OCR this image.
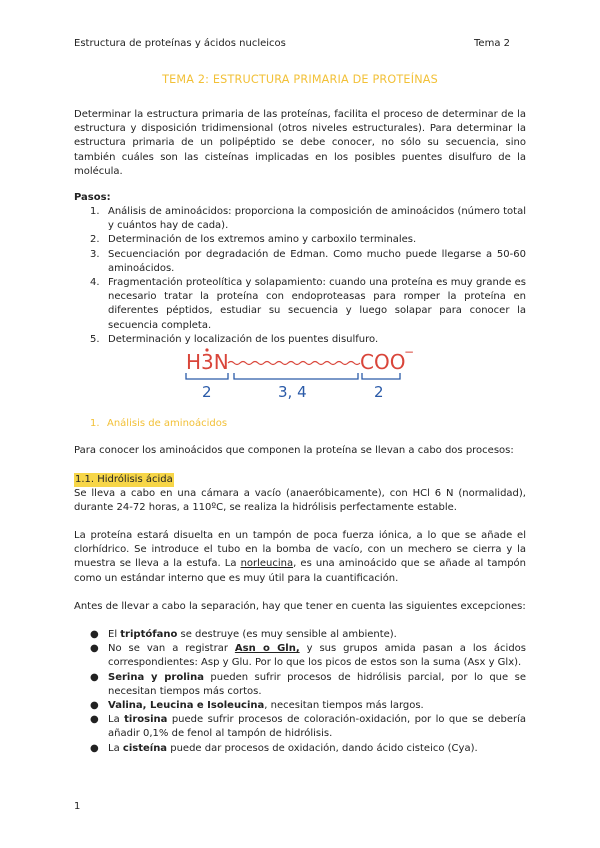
Estructura de proteínas y ácidos nucleicos	Tema 2
TEMA 2: ESTRUCTURA PRIMARIA DE PROTEÍNAS

Determinar la estructura primaria de las proteínas, facilita el proceso de determinar de la estructura y disposición tridimensional (otros niveles estructurales). Para determinar la estructura primaria de un polipéptido se debe conocer, no sólo su secuencia, sino también cuáles son las cisteínas implicadas en los posibles puentes disulfuro de la molécula.

Pasos:
1. Análisis de aminoácidos: proporciona la composición de aminoácidos (número total y cuántos hay de cada).
2. Determinación de los extremos amino y carboxilo terminales.
3. Secuenciación por degradación de Edman. Como mucho puede llegarse a 50-60 aminoácidos.
4. Fragmentación proteolítica y solapamiento: cuando una proteína es muy grande es necesario tratar la proteína con endoproteasas para romper la proteína en diferentes péptidos, estudiar su secuencia y luego solapar para conocer la secuencia completa.
5. Determinación y localización de los puentes disulfuro.
H3N	COO
−
2	3, 4	2
1. Análisis de aminoácidos

Para conocer los aminoácidos que componen la proteína se llevan a cabo dos procesos:

1.1. Hidrólisis ácida

Se lleva a cabo en una cámara a vacío (anaeróbicamente), con HCl 6 N (normalidad), durante 24-72 horas, a 110ºC, se realiza la hidrólisis perfectamente estable.

La proteína estará disuelta en un tampón de poca fuerza iónica, a lo que se añade el clorhídrico. Se introduce el tubo en la bomba de vacío, con un mechero se cierra y la muestra se lleva a la estufa. La norleucina, es una aminoácido que se añade al tampón como un estándar interno que es muy útil para la cuantificación.

Antes de llevar a cabo la separación, hay que tener en cuenta las siguientes excepciones:

● El triptófano se destruye (es muy sensible al ambiente).
● No se van a registrar Asn o Gln, y sus grupos amida pasan a los ácidos correspondientes: Asp y Glu. Por lo que los picos de estos son la suma (Asx y Glx).
● Serina y prolina pueden sufrir procesos de hidrólisis parcial, por lo que se necesitan tiempos más cortos.
● Valina, Leucina e Isoleucina, necesitan tiempos más largos.
● La tirosina puede sufrir procesos de coloración-oxidación, por lo que se debería añadir 0,1% de fenol al tampón de hidrólisis.
● La cisteína puede dar procesos de oxidación, dando ácido cisteico (Cya).
1
